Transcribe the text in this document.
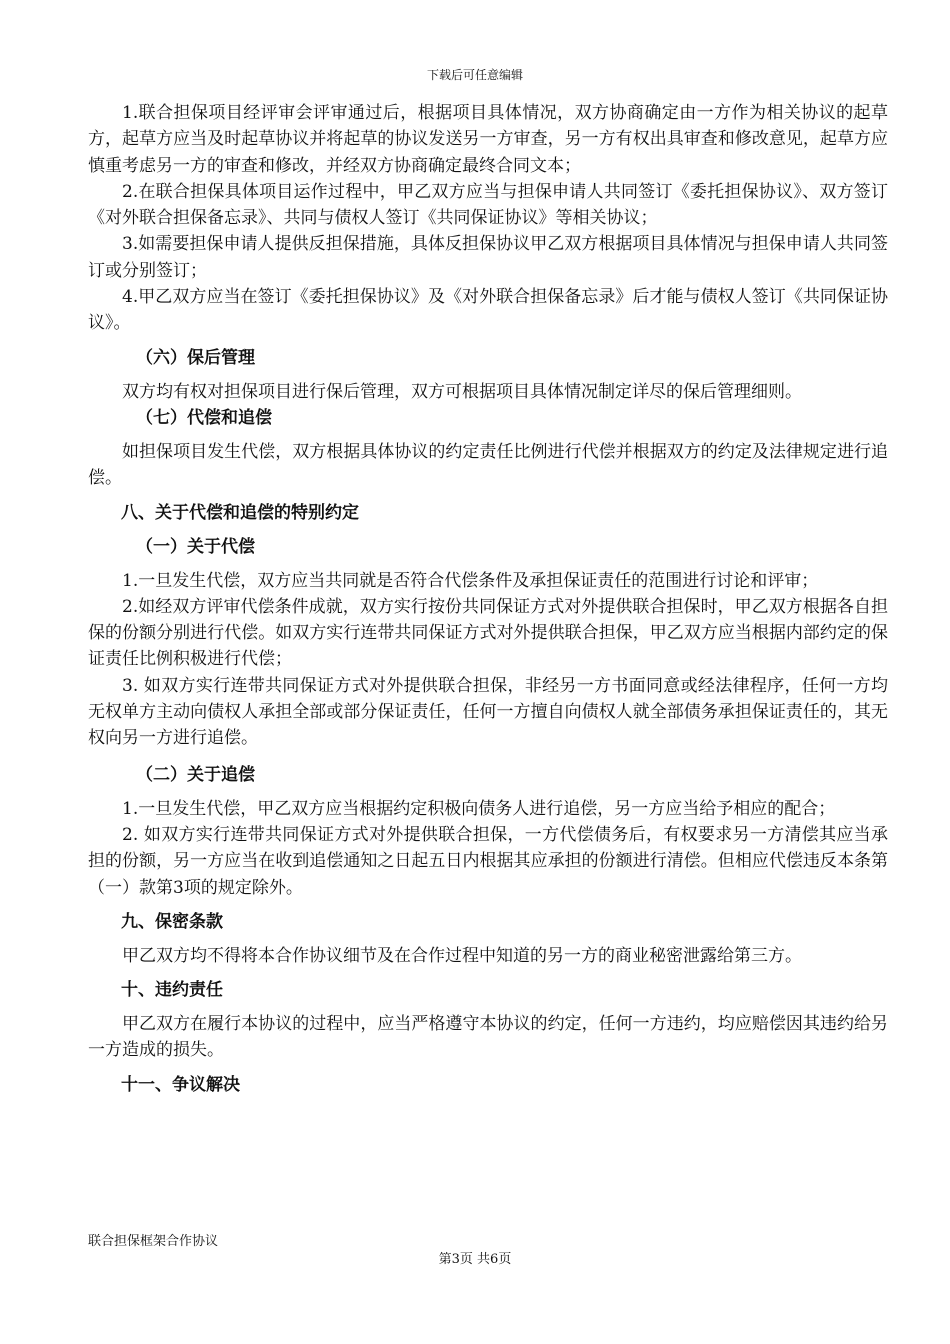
下载后可任意编辑

1.联合担保项目经评审会评审通过后，根据项目具体情况，双方协商确定由一方作为相关协议的起草方，起草方应当及时起草协议并将起草的协议发送另一方审查，另一方有权出具审查和修改意见，起草方应慎重考虑另一方的审查和修改，并经双方协商确定最终合同文本；

2.在联合担保具体项目运作过程中，甲乙双方应当与担保申请人共同签订《委托担保协议》、双方签订《对外联合担保备忘录》、共同与债权人签订《共同保证协议》等相关协议；

3.如需要担保申请人提供反担保措施，具体反担保协议甲乙双方根据项目具体情况与担保申请人共同签订或分别签订；

4.甲乙双方应当在签订《委托担保协议》及《对外联合担保备忘录》后才能与债权人签订《共同保证协议》。

（六）保后管理

双方均有权对担保项目进行保后管理，双方可根据项目具体情况制定详尽的保后管理细则。

（七）代偿和追偿

如担保项目发生代偿，双方根据具体协议的约定责任比例进行代偿并根据双方的约定及法律规定进行追偿。

八、关于代偿和追偿的特别约定

（一）关于代偿

1.一旦发生代偿，双方应当共同就是否符合代偿条件及承担保证责任的范围进行讨论和评审；

2.如经双方评审代偿条件成就，双方实行按份共同保证方式对外提供联合担保时，甲乙双方根据各自担保的份额分别进行代偿。如双方实行连带共同保证方式对外提供联合担保，甲乙双方应当根据内部约定的保证责任比例积极进行代偿；

3. 如双方实行连带共同保证方式对外提供联合担保，非经另一方书面同意或经法律程序，任何一方均无权单方主动向债权人承担全部或部分保证责任，任何一方擅自向债权人就全部债务承担保证责任的，其无权向另一方进行追偿。

（二）关于追偿

1.一旦发生代偿，甲乙双方应当根据约定积极向债务人进行追偿，另一方应当给予相应的配合；

2. 如双方实行连带共同保证方式对外提供联合担保，一方代偿债务后，有权要求另一方清偿其应当承担的份额，另一方应当在收到追偿通知之日起五日内根据其应承担的份额进行清偿。但相应代偿违反本条第（一）款第3项的规定除外。

九、保密条款

甲乙双方均不得将本合作协议细节及在合作过程中知道的另一方的商业秘密泄露给第三方。

十、违约责任

甲乙双方在履行本协议的过程中，应当严格遵守本协议的约定，任何一方违约，均应赔偿因其违约给另一方造成的损失。

十一、争议解决

联合担保框架合作协议
第3页 共6页
